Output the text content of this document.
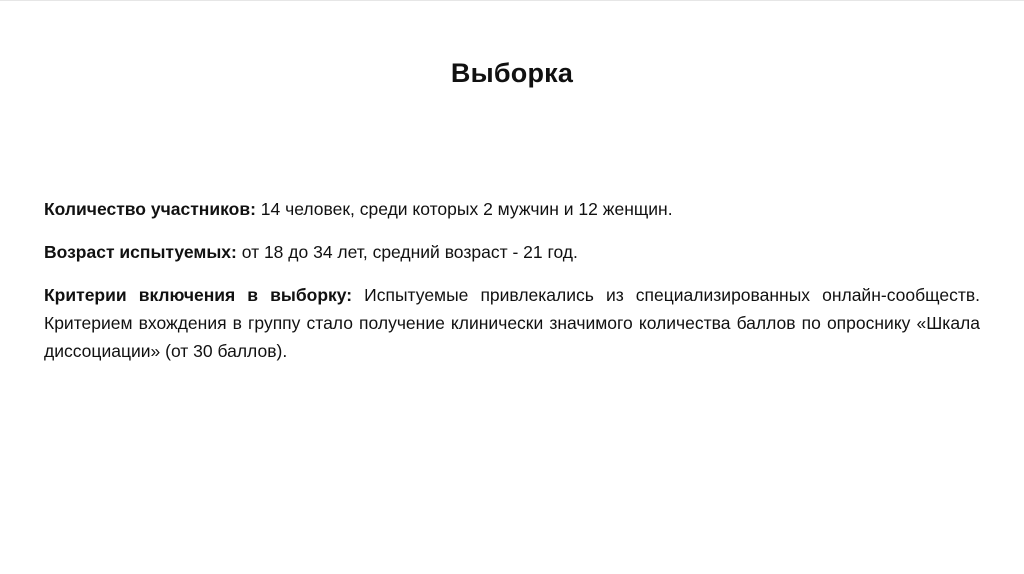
Выборка

Количество участников: 14 человек, среди которых 2 мужчин и 12 женщин.

Возраст испытуемых: от 18 до 34 лет, средний возраст - 21 год.

Критерии включения в выборку: Испытуемые привлекались из специализированных онлайн-сообществ. Критерием вхождения в группу стало получение клинически значимого количества баллов по опроснику «Шкала диссоциации» (от 30 баллов).
